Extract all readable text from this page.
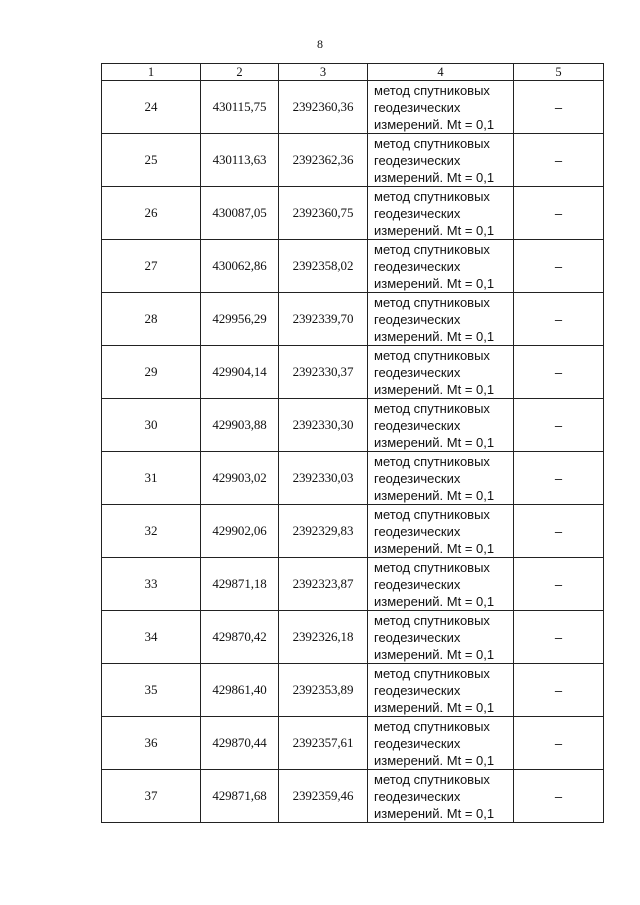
8
1	2	3	4	5
24	430115,75	2392360,36	метод спутниковых
геодезических
измерений. Mt = 0,1	–
25	430113,63	2392362,36	метод спутниковых
геодезических
измерений. Mt = 0,1	–
26	430087,05	2392360,75	метод спутниковых
геодезических
измерений. Mt = 0,1	–
27	430062,86	2392358,02	метод спутниковых
геодезических
измерений. Mt = 0,1	–
28	429956,29	2392339,70	метод спутниковых
геодезических
измерений. Mt = 0,1	–
29	429904,14	2392330,37	метод спутниковых
геодезических
измерений. Mt = 0,1	–
30	429903,88	2392330,30	метод спутниковых
геодезических
измерений. Mt = 0,1	–
31	429903,02	2392330,03	метод спутниковых
геодезических
измерений. Mt = 0,1	–
32	429902,06	2392329,83	метод спутниковых
геодезических
измерений. Mt = 0,1	–
33	429871,18	2392323,87	метод спутниковых
геодезических
измерений. Mt = 0,1	–
34	429870,42	2392326,18	метод спутниковых
геодезических
измерений. Mt = 0,1	–
35	429861,40	2392353,89	метод спутниковых
геодезических
измерений. Mt = 0,1	–
36	429870,44	2392357,61	метод спутниковых
геодезических
измерений. Mt = 0,1	–
37	429871,68	2392359,46	метод спутниковых
геодезических
измерений. Mt = 0,1	–
